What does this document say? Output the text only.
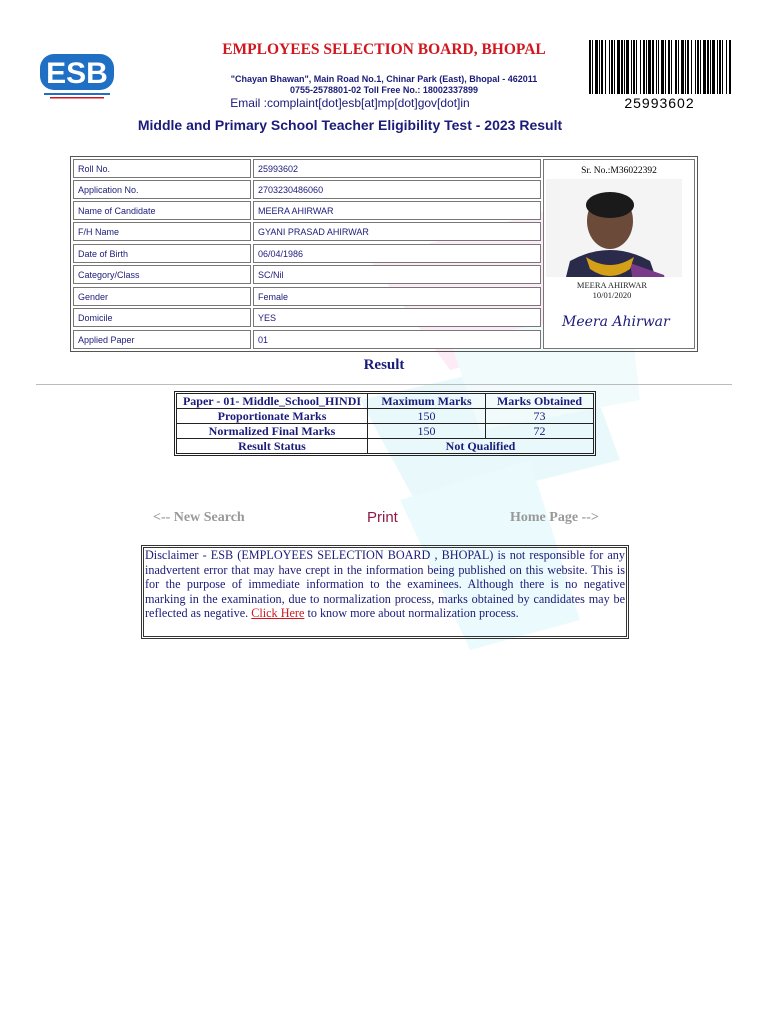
ESB
EMPLOYEES SELECTION BOARD, BHOPAL
"Chayan Bhawan", Main Road No.1, Chinar Park (East), Bhopal - 462011
0755-2578801-02 Toll Free No.: 18002337899
Email :complaint[dot]esb[at]mp[dot]gov[dot]in	25993602
Middle and Primary School Teacher Eligibility Test - 2023 Result
Roll No.	25993602
Application No.	2703230486060
Name of Candidate	MEERA AHIRWAR
F/H Name	GYANI PRASAD AHIRWAR
Date of Birth	06/04/1986
Category/Class	SC/Nil
Gender	Female
Domicile	YES
Applied Paper	01
Sr. No.:M36022392
MEERA AHIRWAR
10/01/2020
Meera Ahirwar
Result
Paper - 01- Middle_School_HINDI	Maximum Marks	Marks Obtained
Proportionate Marks	150	73
Normalized Final Marks	150	72
Result Status	Not Qualified	
<-- New Search	Print	Home Page -->
Disclaimer - ESB (EMPLOYEES SELECTION BOARD , BHOPAL) is not responsible for any inadvertent error that may have crept in the information being published on this website. This is for the purpose of immediate information to the examinees. Although there is no negative marking in the examination, due to normalization process, marks obtained by candidates may be reflected as negative. Click Here to know more about normalization process.
